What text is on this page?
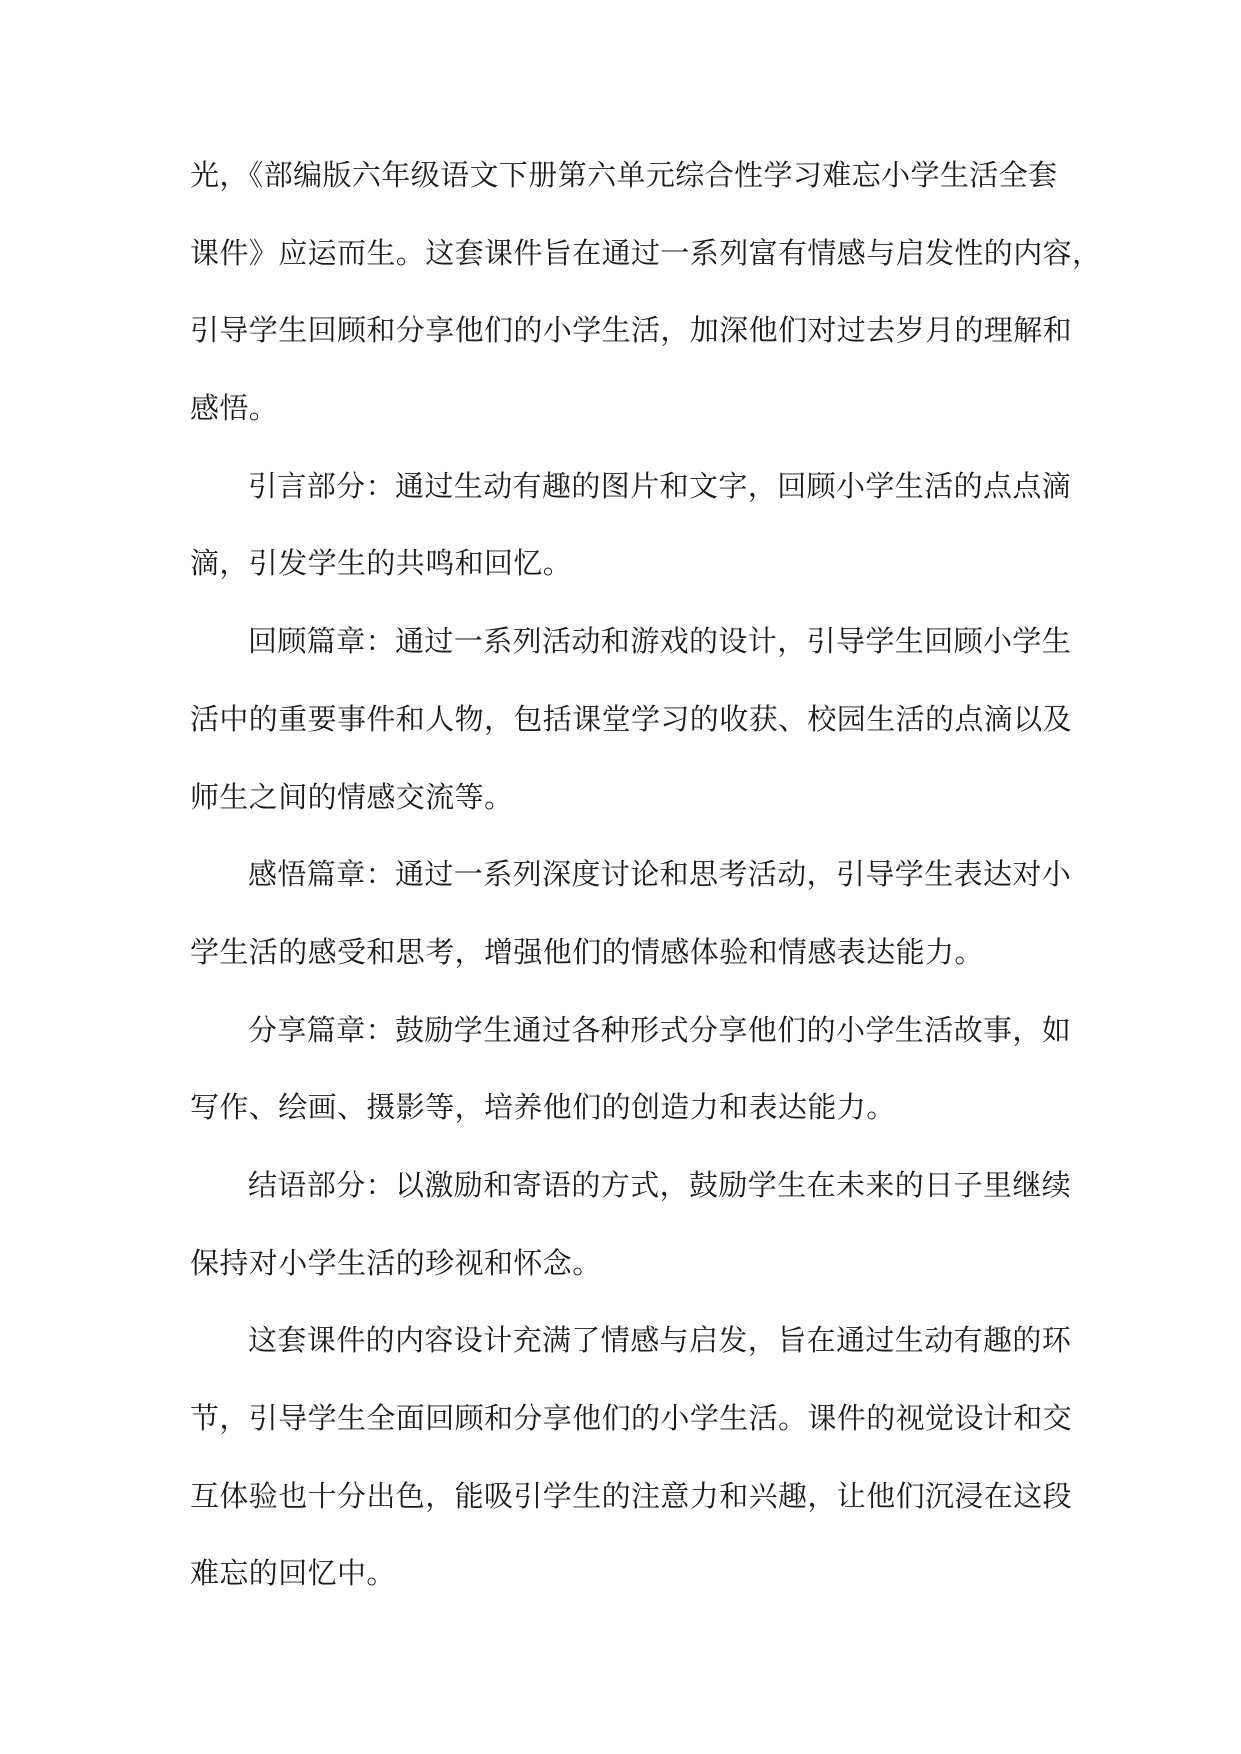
光，《部编版六年级语文下册第六单元综合性学习难忘小学生活全套
课件》应运而生。这套课件旨在通过一系列富有情感与启发性的内容，
引导学生回顾和分享他们的小学生活，加深他们对过去岁月的理解和
感悟。

引言部分：通过生动有趣的图片和文字，回顾小学生活的点点滴
滴，引发学生的共鸣和回忆。

回顾篇章：通过一系列活动和游戏的设计，引导学生回顾小学生
活中的重要事件和人物，包括课堂学习的收获、校园生活的点滴以及
师生之间的情感交流等。

感悟篇章：通过一系列深度讨论和思考活动，引导学生表达对小
学生活的感受和思考，增强他们的情感体验和情感表达能力。

分享篇章：鼓励学生通过各种形式分享他们的小学生活故事，如
写作、绘画、摄影等，培养他们的创造力和表达能力。

结语部分：以激励和寄语的方式，鼓励学生在未来的日子里继续
保持对小学生活的珍视和怀念。

这套课件的内容设计充满了情感与启发，旨在通过生动有趣的环
节，引导学生全面回顾和分享他们的小学生活。课件的视觉设计和交
互体验也十分出色，能吸引学生的注意力和兴趣，让他们沉浸在这段
难忘的回忆中。
